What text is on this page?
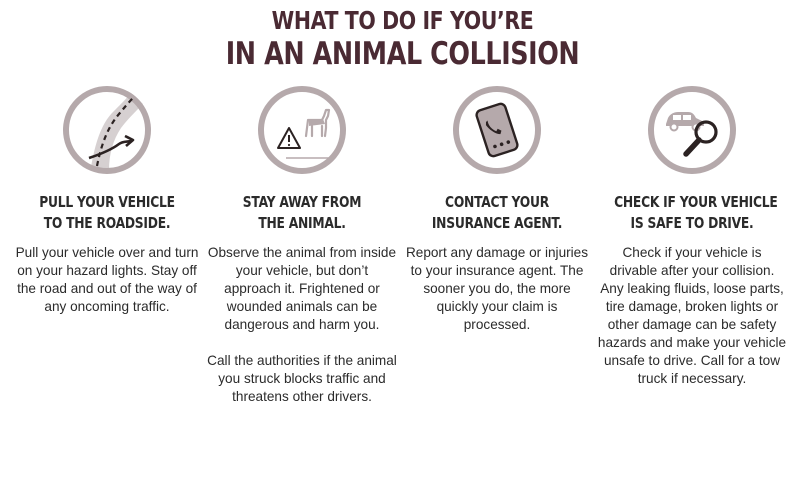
WHAT TO DO IF YOU’RE
IN AN ANIMAL COLLISION
PULL YOUR VEHICLE
TO THE ROADSIDE.

Pull your vehicle over and turn on your hazard lights. Stay off the road and out of the way of any oncoming traffic.

STAY AWAY FROM
THE ANIMAL.

Observe the animal from inside your vehicle, but don’t approach it. Frightened or wounded animals can be dangerous and harm you.

Call the authorities if the animal you struck blocks traffic and threatens other drivers.

CONTACT YOUR
INSURANCE AGENT.

Report any damage or injuries to your insurance agent. The sooner you do, the more quickly your claim is processed.

CHECK IF YOUR VEHICLE
IS SAFE TO DRIVE.

Check if your vehicle is drivable after your collision. Any leaking fluids, loose parts, tire damage, broken lights or other damage can be safety hazards and make your vehicle unsafe to drive. Call for a tow truck if necessary.
